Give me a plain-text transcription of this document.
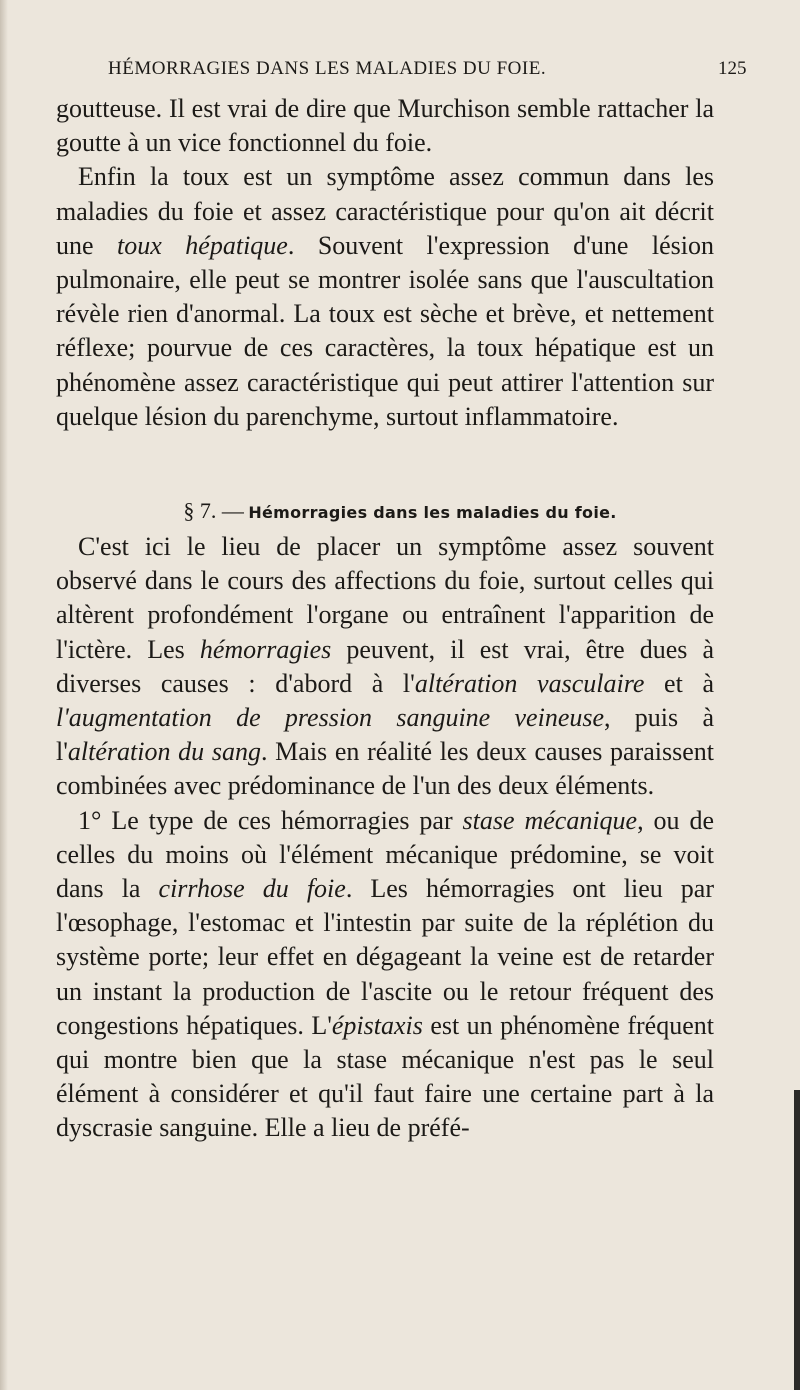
HÉMORRAGIES DANS LES MALADIES DU FOIE.	125

goutteuse. Il est vrai de dire que Murchison semble rattacher la goutte à un vice fonctionnel du foie.

Enfin la toux est un symptôme assez commun dans les maladies du foie et assez caractéristique pour qu'on ait décrit une toux hépatique. Souvent l'expression d'une lésion pulmonaire, elle peut se montrer isolée sans que l'auscultation révèle rien d'anormal. La toux est sèche et brève, et nettement réflexe; pourvue de ces caractères, la toux hépatique est un phénomène assez caractéristique qui peut attirer l'attention sur quelque lésion du parenchyme, surtout inflammatoire.

§ 7. — Hémorragies dans les maladies du foie.

C'est ici le lieu de placer un symptôme assez souvent observé dans le cours des affections du foie, surtout celles qui altèrent profondément l'organe ou entraînent l'apparition de l'ictère. Les hémorragies peuvent, il est vrai, être dues à diverses causes : d'abord à l'altération vasculaire et à l'augmentation de pression sanguine veineuse, puis à l'altération du sang. Mais en réalité les deux causes paraissent combinées avec prédominance de l'un des deux éléments.

1° Le type de ces hémorragies par stase mécanique, ou de celles du moins où l'élément mécanique prédomine, se voit dans la cirrhose du foie. Les hémorragies ont lieu par l'œsophage, l'estomac et l'intestin par suite de la réplétion du système porte; leur effet en dégageant la veine est de retarder un instant la production de l'ascite ou le retour fréquent des congestions hépatiques. L'épistaxis est un phénomène fréquent qui montre bien que la stase mécanique n'est pas le seul élément à considérer et qu'il faut faire une certaine part à la dyscrasie sanguine. Elle a lieu de préfé-
